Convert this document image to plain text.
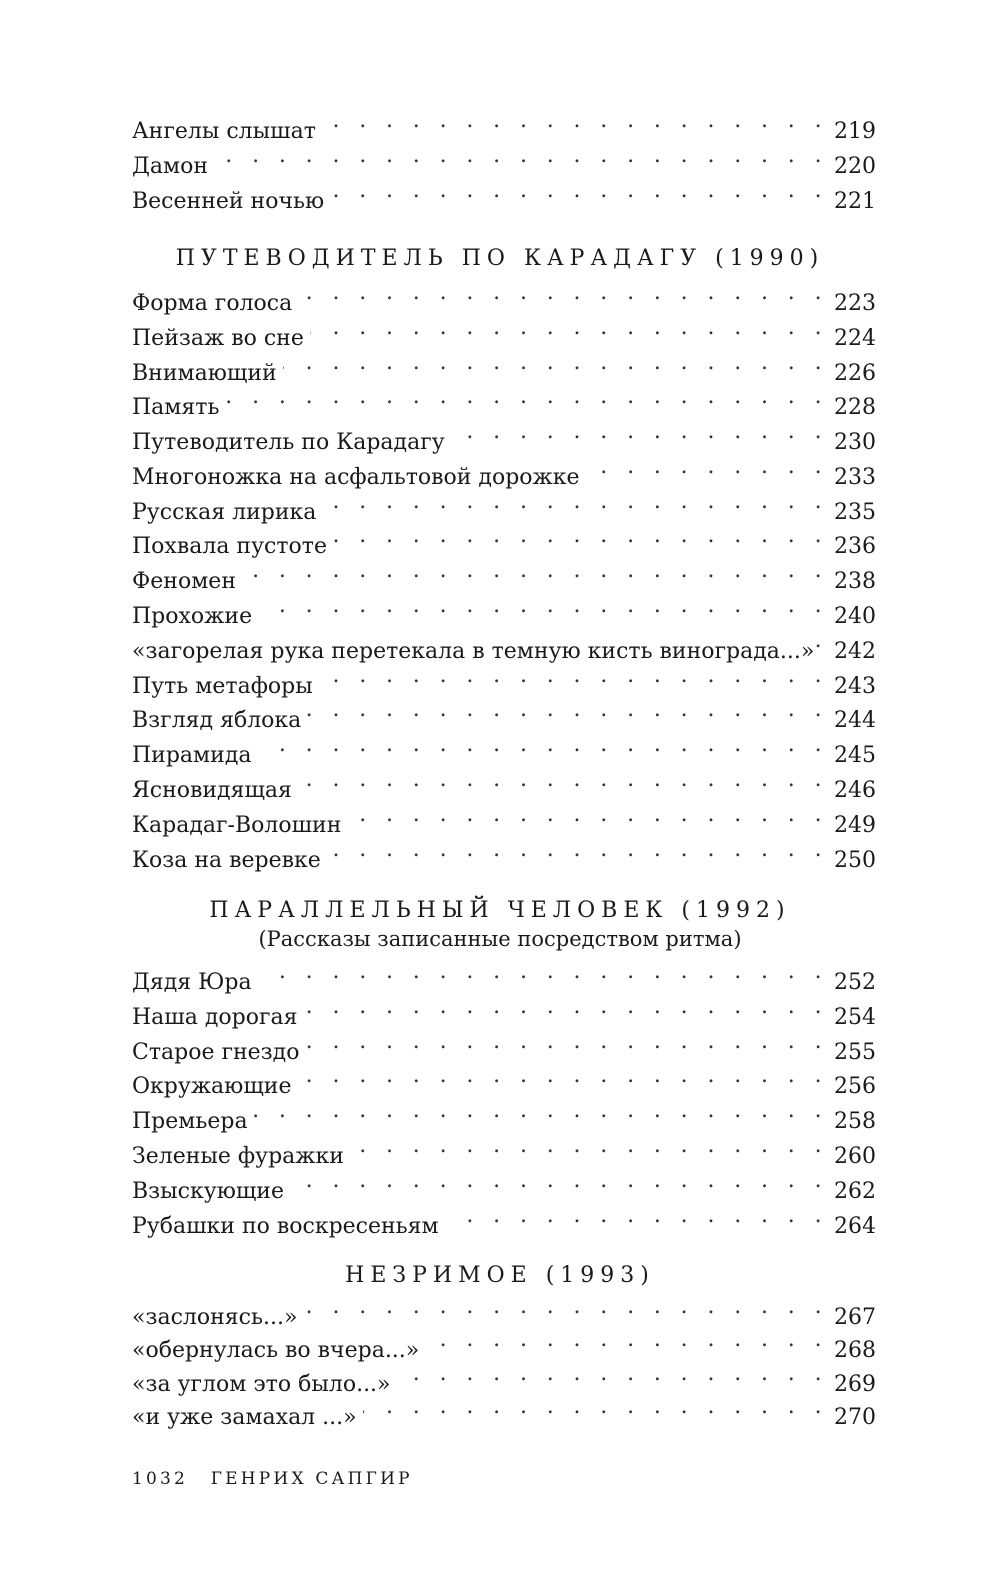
Ангелы слышат . . .	219
Дамон . . .	220
Весенней ночью . . .	221
ПУТЕВОДИТЕЛЬ ПО КАРАДАГУ (1990)
Форма голоса . . .	223
Пейзаж во сне . . .	224
Внимающий . . .	226
Память . . .	228
Путеводитель по Карадагу . . .	230
Многоножка на асфальтовой дорожке . . .	233
Русская лирика . . .	235
Похвала пустоте . . .	236
Феномен . . .	238
Прохожие . . .	240
«загорелая рука перетекала в темную кисть винограда...» . . . 242
Путь метафоры . . .	243
Взгляд яблока . . .	244
Пирамида . . .	245
Ясновидящая . . .	246
Карадаг-Волошин . . .	249
Коза на веревке . . .	250
ПАРАЛЛЕЛЬНЫЙ ЧЕЛОВЕК (1992)
(Рассказы записанные посредством ритма)
Дядя Юра . . .	252
Наша дорогая . . .	254
Старое гнездо . . .	255
Окружающие . . .	256
Премьера . . .	258
Зеленые фуражки . . .	260
Взыскующие . . .	262
Рубашки по воскресеньям . . .	264
НЕЗРИМОЕ (1993)
«заслонясь...» . . .	267
«обернулась во вчера...» . . .	268
«за углом это было...» . . .	269
«и уже замахал ...» . . .	270
1032 ГЕНРИХ САПГИР
